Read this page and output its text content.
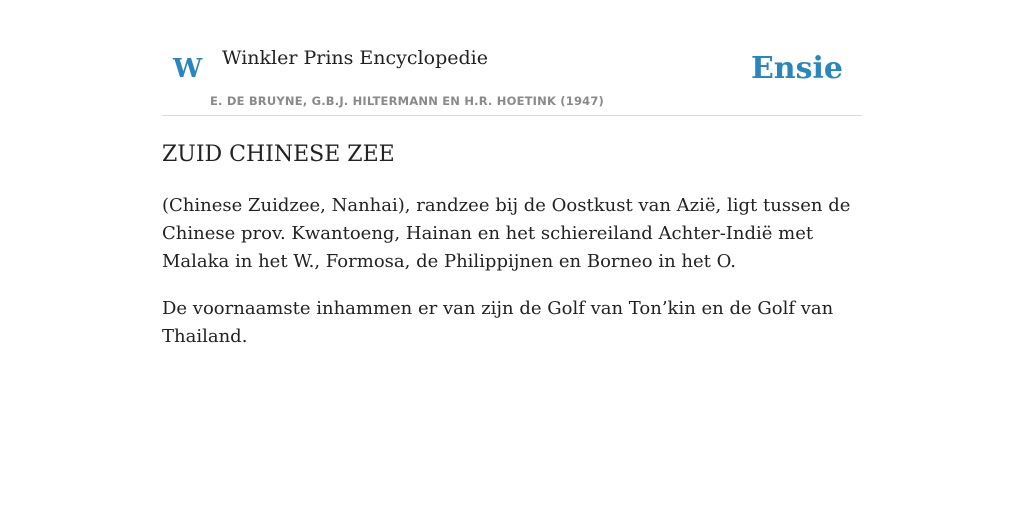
W Winkler Prins Encyclopedie
E. DE BRUYNE, G.B.J. HILTERMANN EN H.R. HOETINK (1947)
Ensie
ZUID CHINESE ZEE

(Chinese Zuidzee, Nanhai), randzee bij de Oostkust van Azië, ligt tussen de Chinese prov. Kwantoeng, Hainan en het schiereiland Achter-Indië met Malaka in het W., Formosa, de Philippijnen en Borneo in het O.

De voornaamste inhammen er van zijn de Golf van Ton’kin en de Golf van Thailand.
